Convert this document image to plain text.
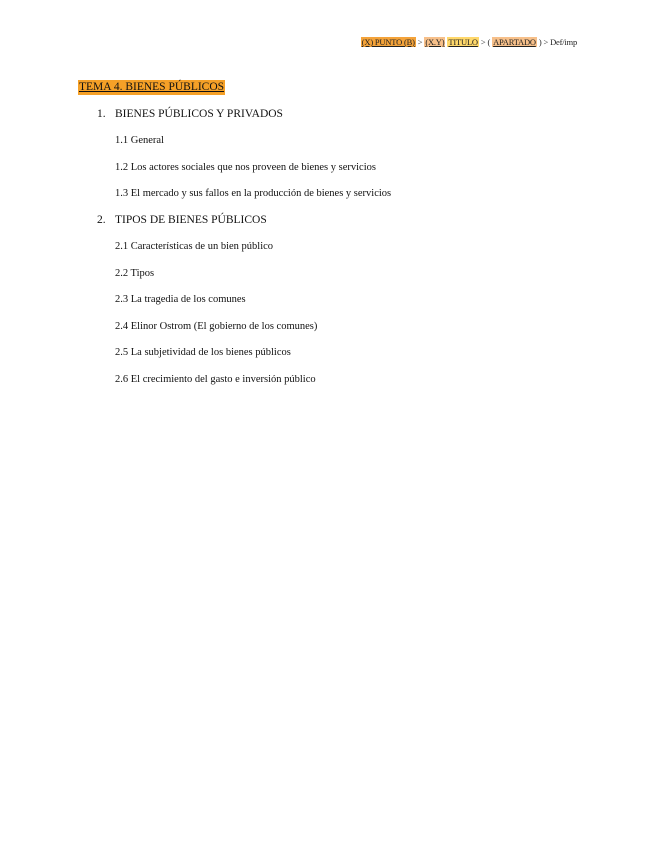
(X) PUNTO (B) > (X.Y) TITULO > ( APARTADO ) > Def/imp
TEMA 4. BIENES PÚBLICOS
1. BIENES PÚBLICOS Y PRIVADOS
1.1 General
1.2 Los actores sociales que nos proveen de bienes y servicios
1.3 El mercado y sus fallos en la producción de bienes y servicios
2. TIPOS DE BIENES PÚBLICOS
2.1 Características de un bien público
2.2 Tipos
2.3 La tragedia de los comunes
2.4 Elinor Ostrom (El gobierno de los comunes)
2.5 La subjetividad de los bienes públicos
2.6 El crecimiento del gasto e inversión público
